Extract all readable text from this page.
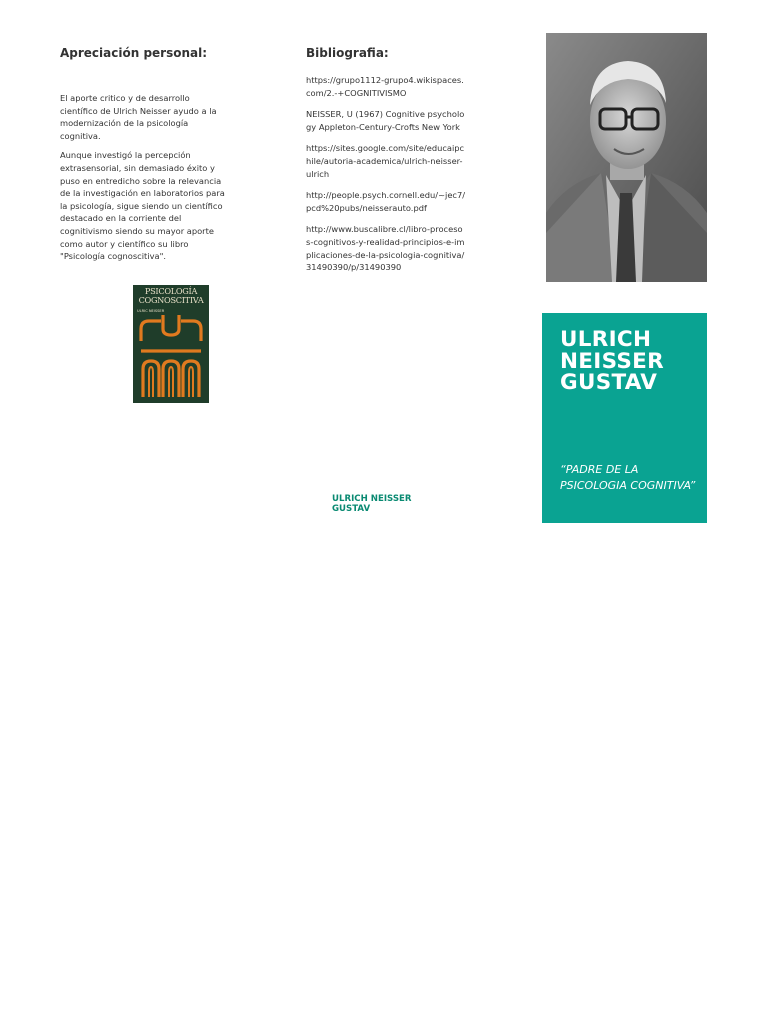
Apreciación personal:

El aporte critico y de desarrollo científico de Ulrich Neisser ayudo a la modernización de la psicología cognitiva.

Aunque investigó la percepción extrasensorial, sin demasiado éxito y puso en entredicho sobre la relevancia de la investigación en laboratorios para la psicología, sigue siendo un científico destacado en la corriente del cognitivismo siendo su mayor aporte como autor y científico su libro "Psicología cognoscitiva".

PSICOLOGÍA
COGNOSCITIVA
ULRIC NEISSER
Bibliografia:
https://grupo1112-grupo4.wikispaces.com/2.-+COGNITIVISMO
NEISSER, U (1967) Cognitive psychology Appleton-Century-Crofts New York
https://sites.google.com/site/educaipchile/autoria-academica/ulrich-neisser-ulrich
http://people.psych.cornell.edu/~jec7/pcd%20pubs/neisserauto.pdf
http://www.buscalibre.cl/libro-procesos-cognitivos-y-realidad-principios-e-implicaciones-de-la-psicologia-cognitiva/31490390/p/31490390
ULRICH
NEISSER
GUSTAV
“PADRE DE LA PSICOLOGIA COGNITIVA”
ULRICH NEISSER
GUSTAV
